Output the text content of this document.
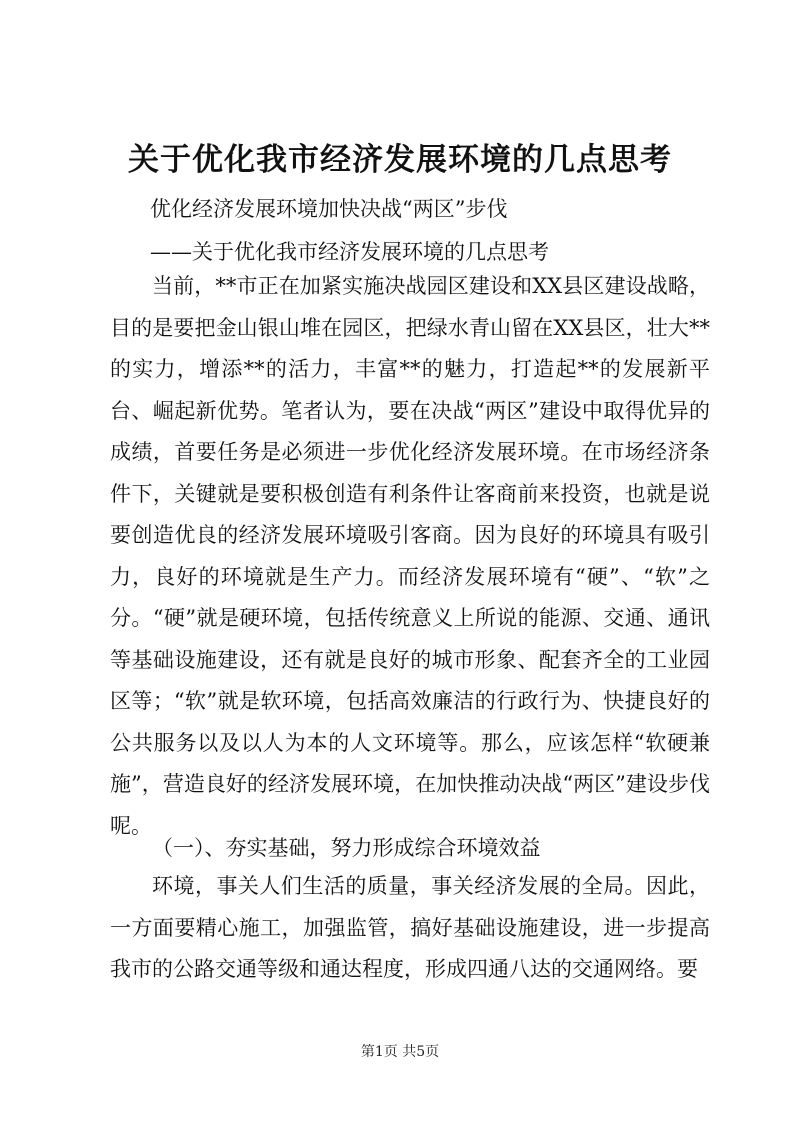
关于优化我市经济发展环境的几点思考
优化经济发展环境加快决战“两区”步伐
——关于优化我市经济发展环境的几点思考
当前，**市正在加紧实施决战园区建设和XX县区建设战略，目的是要把金山银山堆在园区，把绿水青山留在XX县区，壮大**的实力，增添**的活力，丰富**的魅力，打造起**的发展新平台、崛起新优势。笔者认为，要在决战“两区”建设中取得优异的成绩，首要任务是必须进一步优化经济发展环境。在市场经济条件下，关键就是要积极创造有利条件让客商前来投资，也就是说要创造优良的经济发展环境吸引客商。因为良好的环境具有吸引力，良好的环境就是生产力。而经济发展环境有“硬”、“软”之分。“硬”就是硬环境，包括传统意义上所说的能源、交通、通讯等基础设施建设，还有就是良好的城市形象、配套齐全的工业园区等；“软”就是软环境，包括高效廉洁的行政行为、快捷良好的公共服务以及以人为本的人文环境等。那么，应该怎样“软硬兼施”，营造良好的经济发展环境，在加快推动决战“两区”建设步伐呢。
（一）、夯实基础，努力形成综合环境效益
环境，事关人们生活的质量，事关经济发展的全局。因此，一方面要精心施工，加强监管，搞好基础设施建设，进一步提高我市的公路交通等级和通达程度，形成四通八达的交通网络。要
第1页 共5页
